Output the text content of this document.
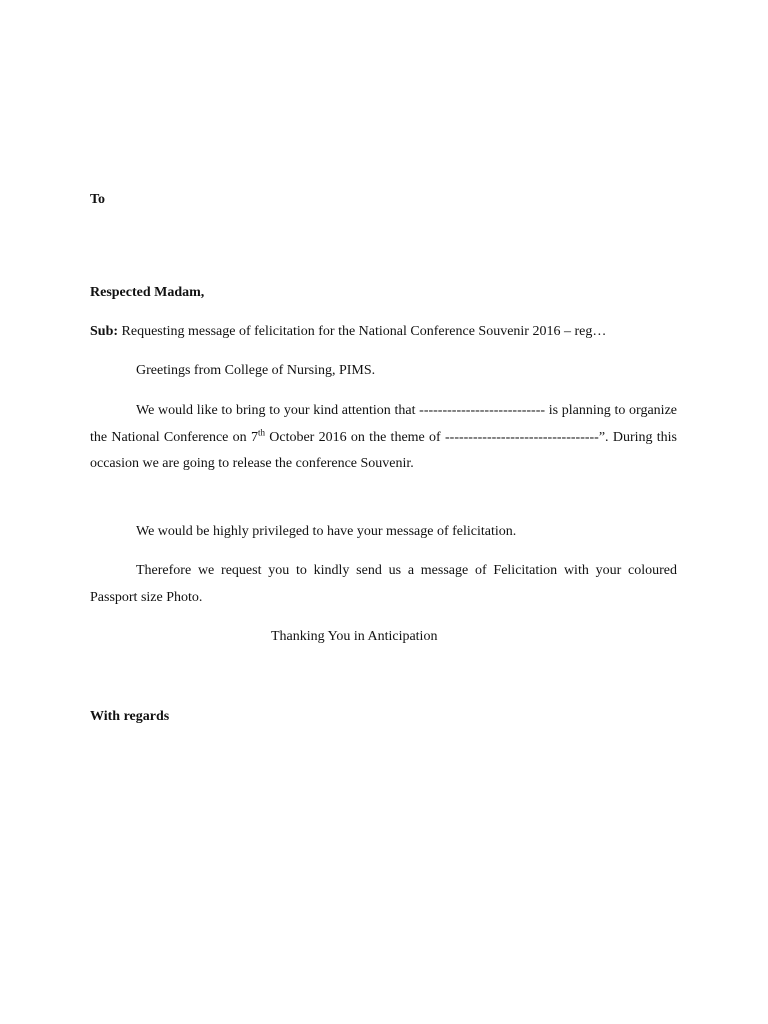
To
Respected Madam,
Sub: Requesting message of felicitation for the National Conference Souvenir 2016 – reg…
Greetings from College of Nursing, PIMS.
We would like to bring to your kind attention that --------------------------- is planning to organize the National Conference on 7th October 2016 on the theme of ---------------------------------”. During this occasion we are going to release the conference Souvenir.
We would be highly privileged to have your message of felicitation.
Therefore we request you to kindly send us a message of Felicitation with your coloured Passport size Photo.
Thanking You in Anticipation
With regards
